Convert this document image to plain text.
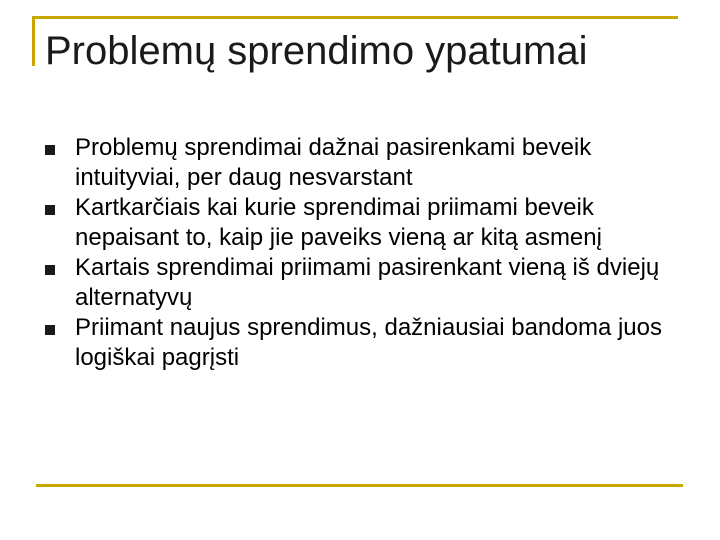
Problemų sprendimo ypatumai
Problemų sprendimai dažnai pasirenkami beveik intuityviai, per daug nesvarstant
Kartkarčiais kai kurie sprendimai priimami beveik nepaisant to, kaip jie paveiks vieną ar kitą asmenį
Kartais sprendimai priimami pasirenkant vieną iš dviejų alternatyvų
Priimant naujus sprendimus, dažniausiai bandoma juos logiškai pagrįsti
